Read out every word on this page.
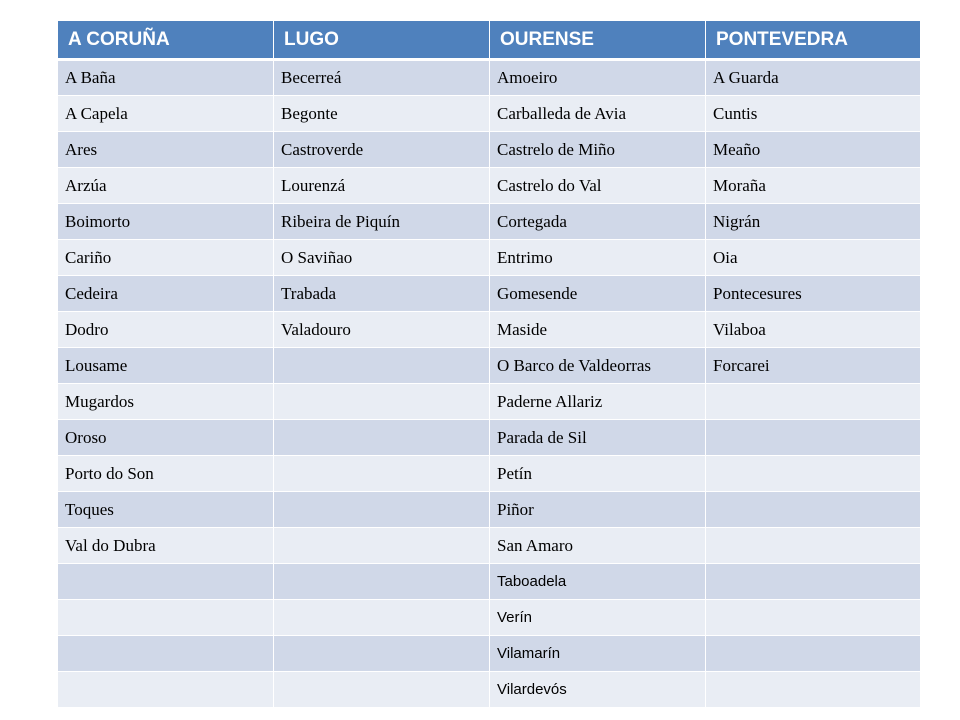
A CORUÑA	LUGO	OURENSE	PONTEVEDRA
A Baña	Becerreá	Amoeiro	A Guarda
A Capela	Begonte	Carballeda de Avia	Cuntis
Ares	Castroverde	Castrelo de Miño	Meaño
Arzúa	Lourenzá	Castrelo do Val	Moraña
Boimorto	Ribeira de Piquín	Cortegada	Nigrán
Cariño	O Saviñao	Entrimo	Oia
Cedeira	Trabada	Gomesende	Pontecesures
Dodro	Valadouro	Maside	Vilaboa
Lousame		O Barco de Valdeorras	Forcarei
Mugardos		Paderne Allariz	
Oroso		Parada de Sil	
Porto do Son		Petín	
Toques		Piñor	
Val do Dubra		San Amaro	
		Taboadela	
		Verín	
		Vilamarín	
		Vilardevós	
